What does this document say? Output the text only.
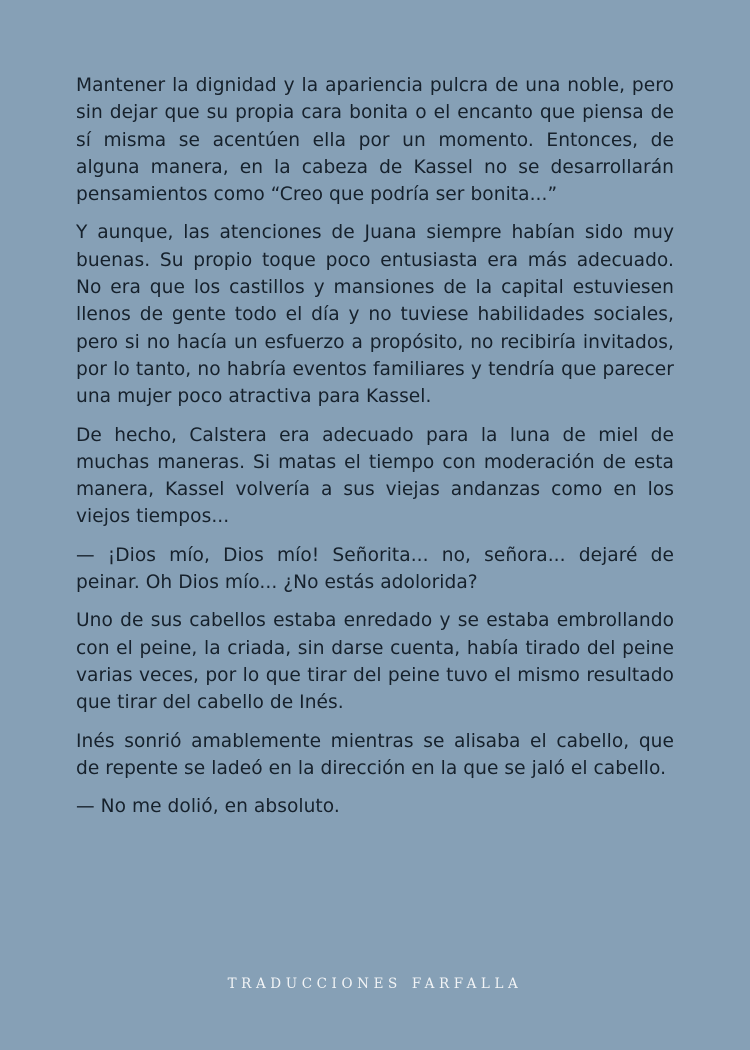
Mantener la dignidad y la apariencia pulcra de una noble, pero sin dejar que su propia cara bonita o el encanto que piensa de sí misma se acentúen ella por un momento. Entonces, de alguna manera, en la cabeza de Kassel no se desarrollarán pensamientos como “Creo que podría ser bonita...”

Y aunque, las atenciones de Juana siempre habían sido muy buenas. Su propio toque poco entusiasta era más adecuado. No era que los castillos y mansiones de la capital estuviesen llenos de gente todo el día y no tuviese habilidades sociales, pero si no hacía un esfuerzo a propósito, no recibiría invitados, por lo tanto, no habría eventos familiares y tendría que parecer una mujer poco atractiva para Kassel.

De hecho, Calstera era adecuado para la luna de miel de muchas maneras. Si matas el tiempo con moderación de esta manera, Kassel volvería a sus viejas andanzas como en los viejos tiempos...

— ¡Dios mío, Dios mío! Señorita... no, señora... dejaré de peinar. Oh Dios mío... ¿No estás adolorida?

Uno de sus cabellos estaba enredado y se estaba embrollando con el peine, la criada, sin darse cuenta, había tirado del peine varias veces, por lo que tirar del peine tuvo el mismo resultado que tirar del cabello de Inés.

Inés sonrió amablemente mientras se alisaba el cabello, que de repente se ladeó en la dirección en la que se jaló el cabello.

— No me dolió, en absoluto.

TRADUCCIONES FARFALLA
